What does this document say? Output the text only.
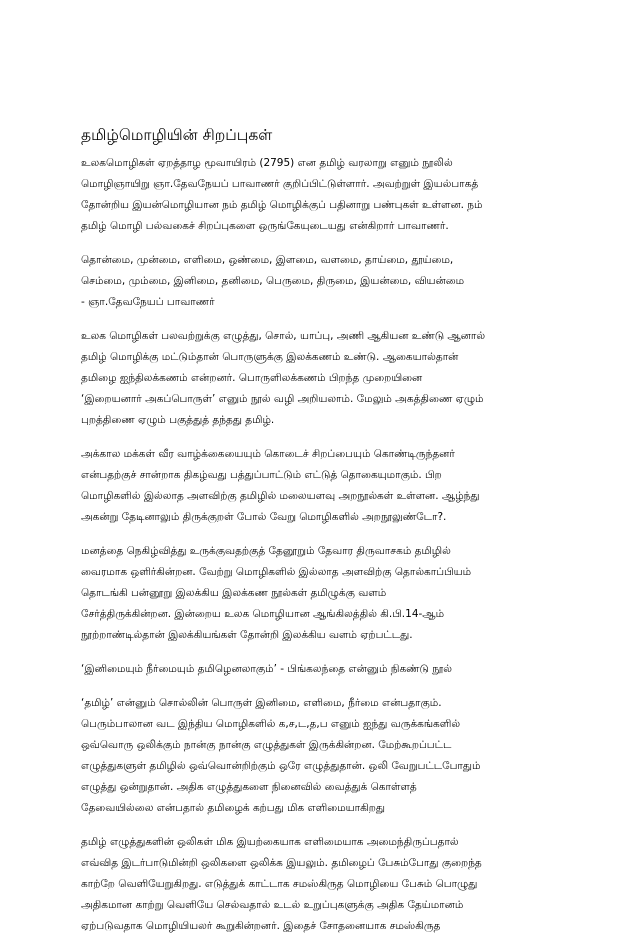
தமிழ்மொழியின் சிறப்புகள்
உலகமொழிகள் ஏறத்தாழ மூவாயிரம் (2795) என தமிழ் வரலாறு எனும் நூலில்
மொழிஞாயிறு ஞா.தேவநேயப் பாவாணர் குறிப்பிட்டுள்ளார். அவற்றுள் இயல்பாகத்
தோன்றிய இயன்மொழியான நம் தமிழ் மொழிக்குப் பதினாறு பண்புகள் உள்ளன. நம்
தமிழ் மொழி பல்வகைச் சிறப்புகளை ஒருங்கேயுடையது என்கிறார் பாவாணர்.
தொன்மை, முன்மை, எளிமை, ஒண்மை, இளமை, வளமை, தாய்மை, தூய்மை,
செம்மை, மும்மை, இனிமை, தனிமை, பெருமை, திருமை, இயன்மை, வியன்மை
- ஞா.தேவநேயப் பாவாணர்
உலக மொழிகள் பலவற்றுக்கு எழுத்து, சொல், யாப்பு, அணி ஆகியன உண்டு ஆனால்
தமிழ் மொழிக்கு மட்டும்தான் பொருளுக்கு இலக்கணம் உண்டு. ஆகையால்தான்
தமிழை ஐந்திலக்கணம் என்றனர். பொருளிலக்கணம் பிறந்த முறையினை
‘இறையனார் அகப்பொருள்’ எனும் நூல் வழி அறியலாம். மேலும் அகத்திணை ஏழும்
புறத்திணை ஏழும் பகுத்துத் தந்தது தமிழ்.
அக்கால மக்கள் வீர வாழ்க்கையையும் கொடைச் சிறப்பையும் கொண்டிருந்தனர்
என்பதற்குச் சான்றாக திகழ்வது பத்துப்பாட்டும் எட்டுத் தொகையுமாகும். பிற
மொழிகளில் இல்லாத அளவிற்கு தமிழில் மலையளவு அறநூல்கள் உள்ளன. ஆழ்ந்து
அகன்று தேடினாலும் திருக்குறள் போல் வேறு மொழிகளில் அறநூலுண்டோ?.
மனத்தை நெகிழ்வித்து உருக்குவதற்குத் தேனூறும் தேவார திருவாசகம் தமிழில்
வைரமாக ஒளிர்கின்றன. வேற்று மொழிகளில் இல்லாத அளவிற்கு தொல்காப்பியம்
தொடங்கி பன்னூறு இலக்கிய இலக்கண நூல்கள் தமிழுக்கு வளம்
சேர்த்திருக்கின்றன. இன்றைய உலக மொழியான ஆங்கிலத்தில் கி.பி.14-ஆம்
நூற்றாண்டில்தான் இலக்கியங்கள் தோன்றி இலக்கிய வளம் ஏற்பட்டது.
‘இனிமையும் நீர்மையும் தமிழெனலாகும்’ - பிங்கலந்தை என்னும் நிகண்டு நூல்
‘தமிழ்’ என்னும் சொல்லின் பொருள் இனிமை, எளிமை, நீர்மை என்பதாகும்.
பெரும்பாலான வட இந்திய மொழிகளில் க,ச,ட,த,ப எனும் ஐந்து வருக்கங்களில்
ஒவ்வொரு ஒலிக்கும் நான்கு நான்கு எழுத்துகள் இருக்கின்றன. மேற்கூறப்பட்ட
எழுத்துகளுள் தமிழில் ஒவ்வொன்றிற்கும் ஒரே எழுத்துதான். ஒலி வேறுபட்டபோதும்
எழுத்து ஒன்றுதான். அதிக எழுத்துகளை நினைவில் வைத்துக் கொள்ளத்
தேவையில்லை என்பதால் தமிழைக் கற்பது மிக எளிமையாகிறது
தமிழ் எழுத்துகளின் ஒலிகள் மிக இயற்கையாக எளிமையாக அமைந்திருப்பதால்
எவ்வித இடர்பாடுமின்றி ஒலிகளை ஒலிக்க இயலும். தமிழைப் பேசும்போது குறைந்த
காற்றே வெளியேறுகிறது. எடுத்துக் காட்டாக சமஸ்கிருத மொழியை பேசும் பொழுது
அதிகமான காற்று வெளியே செல்வதால் உடல் உறுப்புகளுக்கு அதிக தேய்மானம்
ஏற்படுவதாக மொழியியலர் கூறுகின்றனர். இதைச் சோதனையாக சமஸ்கிருத
